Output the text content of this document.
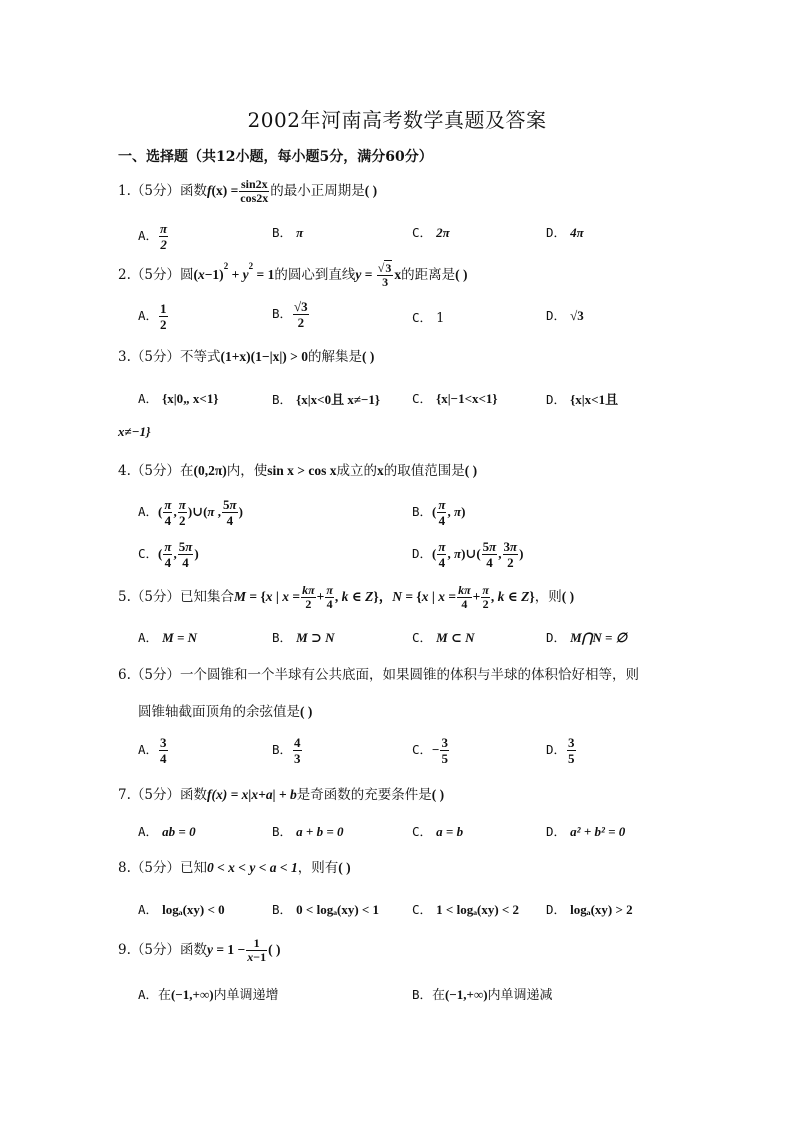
2002年河南高考数学真题及答案
一、选择题（共12小题，每小题5分，满分60分）
1.（5分）函数$f(x) = \frac{\sin 2x}{\cos 2x}$ 的最小正周期是( )
A． $\frac{\pi}{2}$	B． π	C． 2π	D． 4π
2.（5分）圆$(x-1)^2 + y^2 = 1$的圆心到直线$y = \frac{√3}{3}$ x的距离是( )
A． $\frac{1}{2}$	B． $\frac{√3}{2}$	C． 1	D． √3
3.（5分）不等式(1+x)(1−|x|) > 0的解集是( )
A． {x|0„ x<1}	B． {x|x<0且 x≠−1}	C． {x|−1<x<1}	D． {x|x<1且
x≠−1}
4.（5分）在(0,2π)内，使sin x > cos x成立的x的取值范围是( )
A．( $\frac{\pi}{4}$ , $\frac{\pi}{2}$ )∪(π , $\frac{5\pi}{4}$ )	B．( $\frac{\pi}{4}$ , π)
C．( $\frac{\pi}{4}$ , $\frac{5\pi}{4}$ )	D．( $\frac{\pi}{4}$ , π)∪( $\frac{5\pi}{4}$ , $\frac{3\pi}{2}$ )
5.（5分）已知集合M = {x | $x = \frac{k\pi}{2} + \frac{\pi}{4}$ , k ∈ Z}，N = {x | $x = \frac{k\pi}{4} + \frac{\pi}{2}$ , k ∈ Z}，则( )
A． M = N	B． M ⊃ N	C． M ⊂ N	D． M⋂N = ∅
6.（5分）一个圆锥和一个半球有公共底面，如果圆锥的体积与半球的体积恰好相等，则
圆锥轴截面顶角的余弦值是( )
A． $\frac{3}{4}$	B． $\frac{4}{3}$	C．− $\frac{3}{5}$	D． $\frac{3}{5}$
7.（5分）函数f(x) = x|x+a| + b是奇函数的充要条件是( )
A． ab = 0	B． a + b = 0	C． a = b	D． a² + b² = 0
8.（5分）已知0 < x < y < a < 1，则有( )
A． logₐ(xy) < 0	B． 0 < logₐ(xy) < 1	C． 1 < logₐ(xy) < 2 D． logₐ(xy) > 2
9.（5分）函数$y = 1 - \frac{1}{x-1}$ ( )
A．在(−1,+∞)内单调递增	B．在(−1,+∞)内单调递减
